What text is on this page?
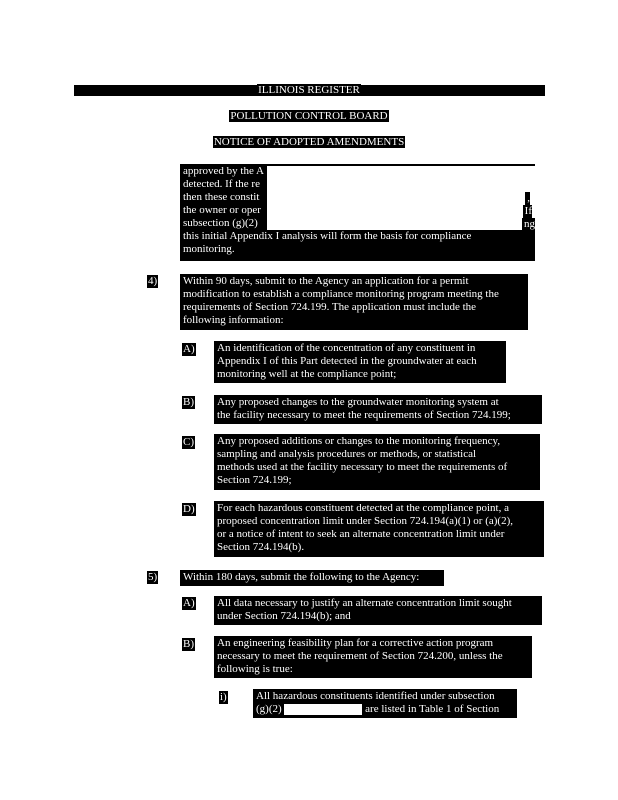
ILLINOIS REGISTER
POLLUTION CONTROL BOARD
NOTICE OF ADOPTED AMENDMENTS
approved by the A
detected. If the re
then these constit
the owner or oper
subsection (g)(2)
this initial Appendix I analysis will form the basis for compliance
monitoring.
,
If
ng
4) Within 90 days, submit to the Agency an application for a permit
modification to establish a compliance monitoring program meeting the
requirements of Section 724.199. The application must include the
following information:
A) An identification of the concentration of any constituent in
Appendix I of this Part detected in the groundwater at each
monitoring well at the compliance point;
B) Any proposed changes to the groundwater monitoring system at
the facility necessary to meet the requirements of Section 724.199;
C) Any proposed additions or changes to the monitoring frequency,
sampling and analysis procedures or methods, or statistical
methods used at the facility necessary to meet the requirements of
Section 724.199;
D) For each hazardous constituent detected at the compliance point, a
proposed concentration limit under Section 724.194(a)(1) or (a)(2),
or a notice of intent to seek an alternate concentration limit under
Section 724.194(b).
5) Within 180 days, submit the following to the Agency:
A) All data necessary to justify an alternate concentration limit sought
under Section 724.194(b); and
B) An engineering feasibility plan for a corrective action program
necessary to meet the requirement of Section 724.200, unless the
following is true:
i)	All hazardous constituents identified under subsection
(g)(2)	are listed in Table 1 of Section
